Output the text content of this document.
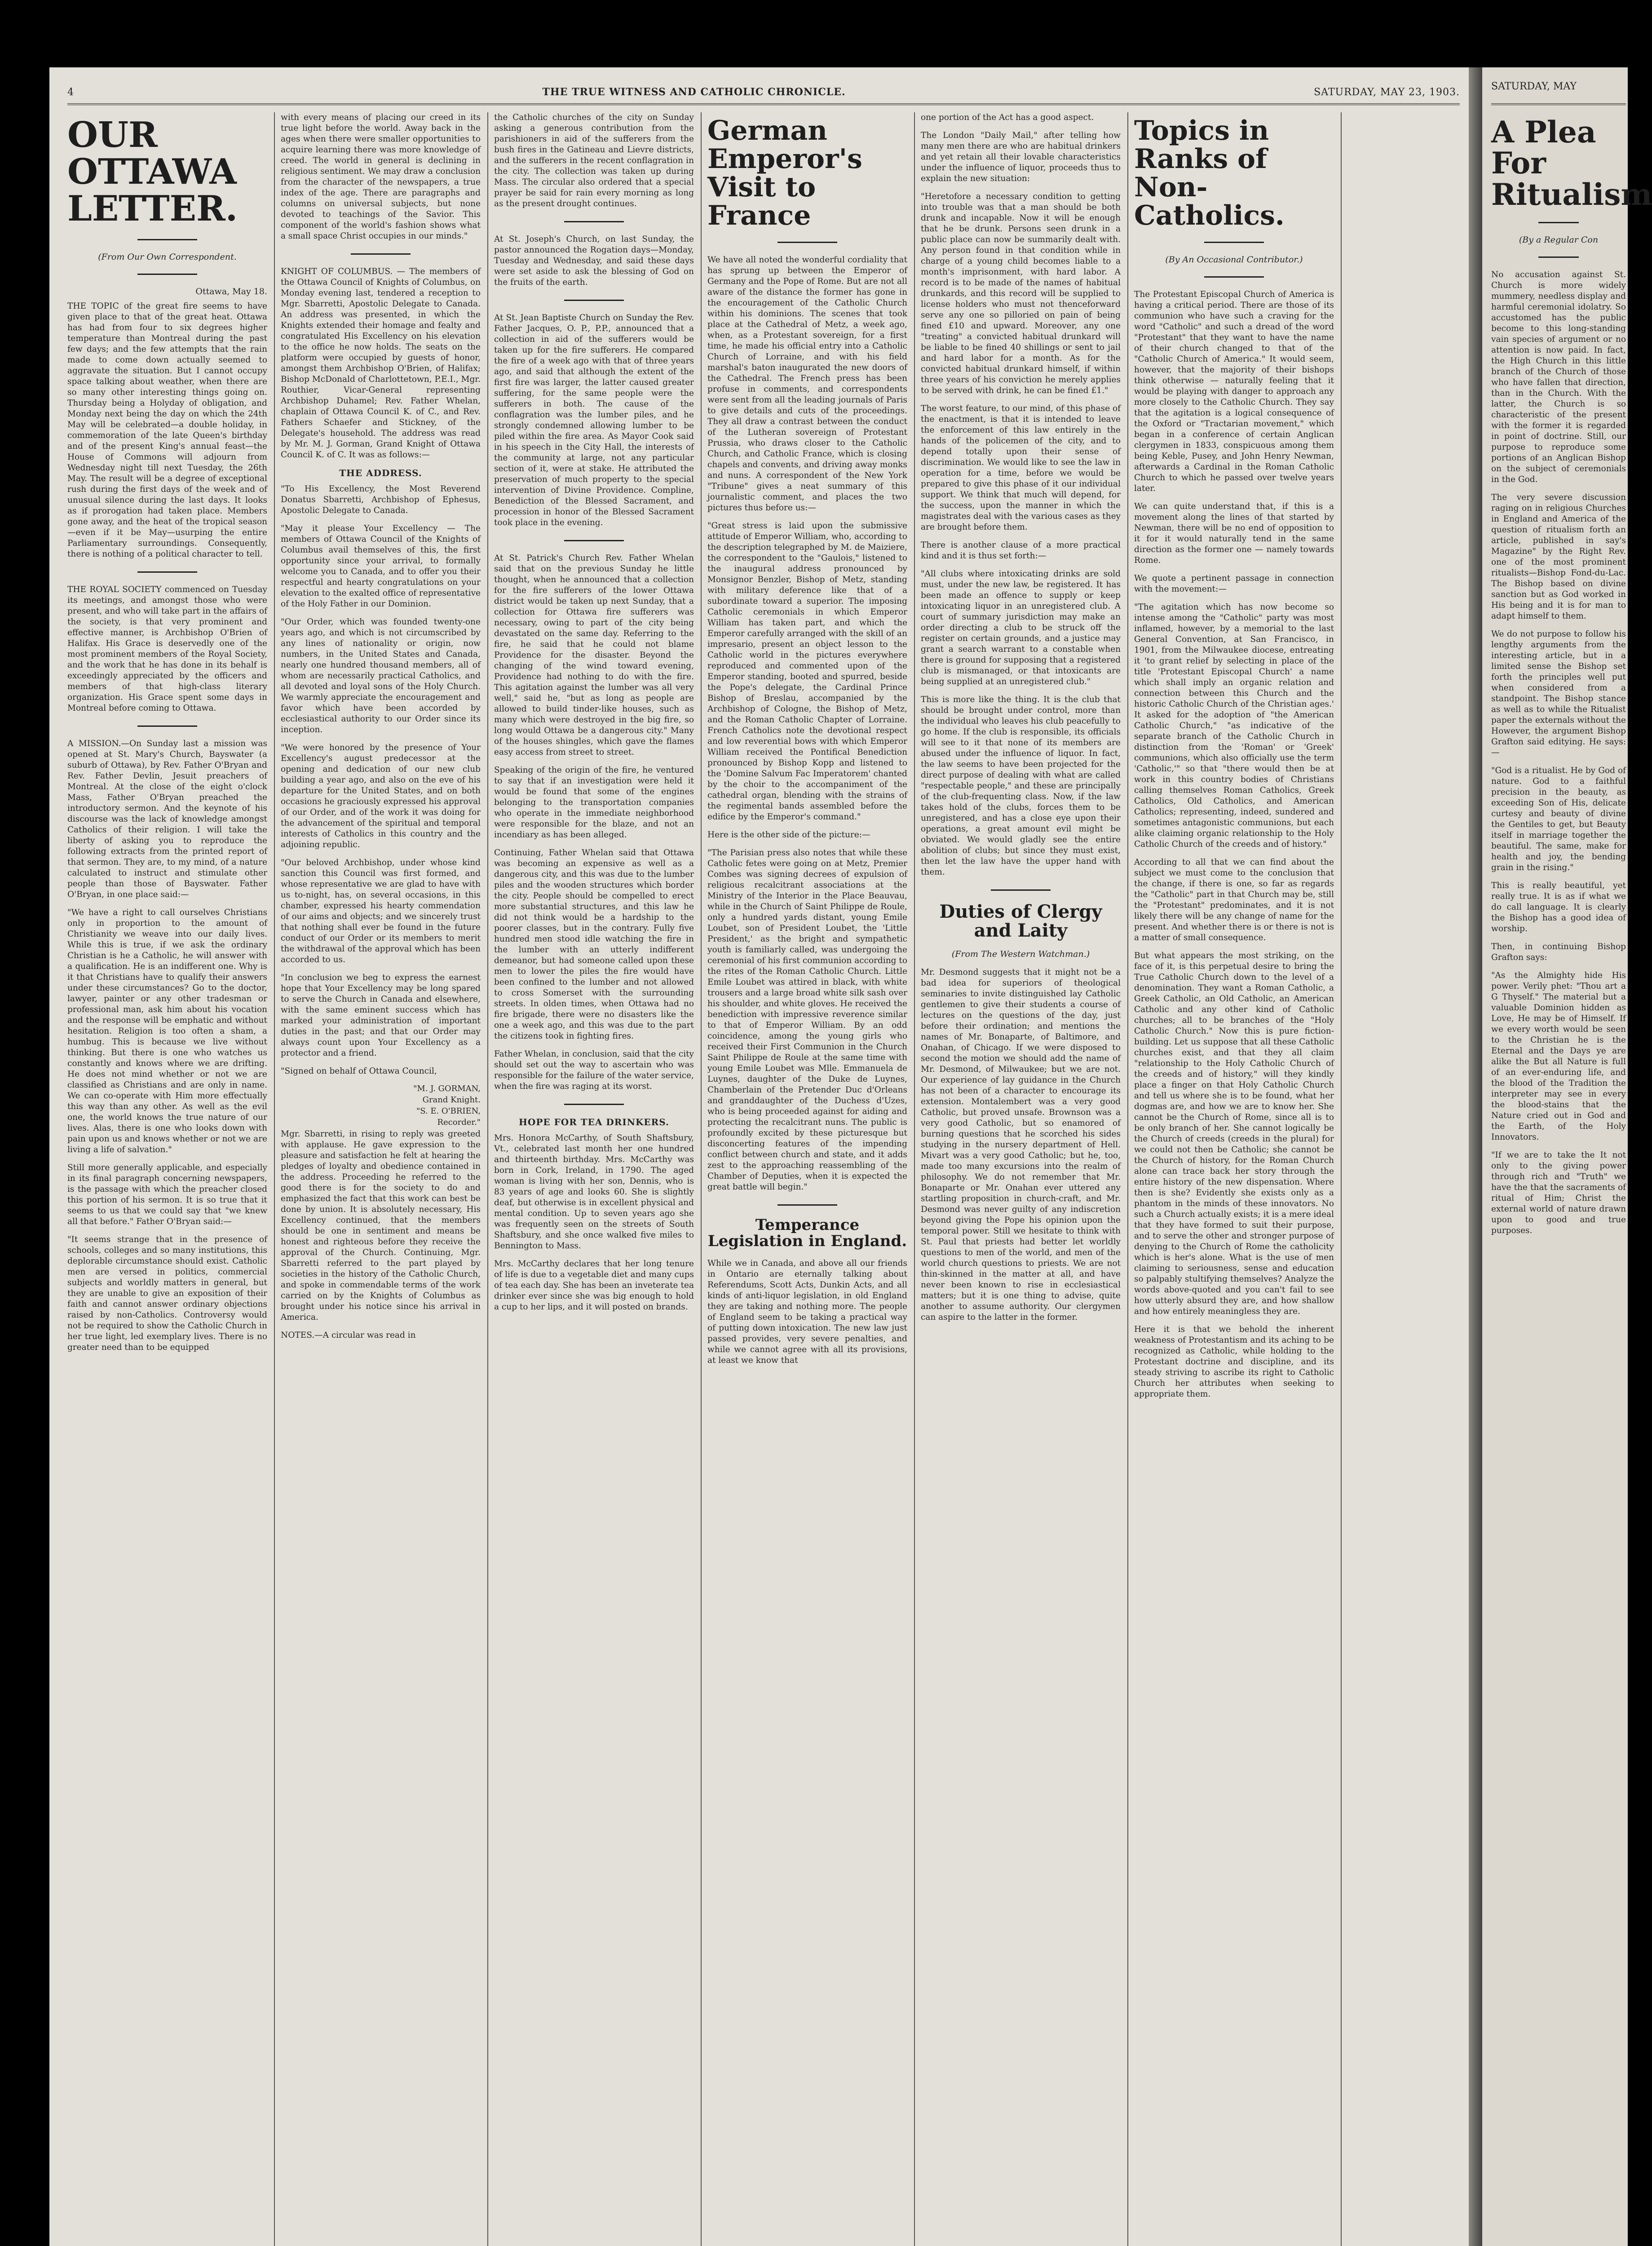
4	THE TRUE WITNESS AND CATHOLIC CHRONICLE.	SATURDAY, MAY 23, 1903.
OUR OTTAWA LETTER.
(From Our Own Correspondent.
Ottawa, May 18.

THE TOPIC of the great fire seems to have given place to that of the great heat. Ottawa has had from four to six degrees higher temperature than Montreal during the past few days; and the few attempts that the rain made to come down actually seemed to aggravate the situation. But I cannot occupy space talking about weather, when there are so many other interesting things going on. Thursday being a Holyday of obligation, and Monday next being the day on which the 24th May will be celebrated—a double holiday, in commemoration of the late Queen's birthday and of the present King's annual feast—the House of Commons will adjourn from Wednesday night till next Tuesday, the 26th May. The result will be a degree of exceptional rush during the first days of the week and of unusual silence during the last days. It looks as if prorogation had taken place. Members gone away, and the heat of the tropical season—even if it be May—usurping the entire Parliamentary surroundings. Consequently, there is nothing of a political character to tell.

THE ROYAL SOCIETY commenced on Tuesday its meetings, and amongst those who were present, and who will take part in the affairs of the society, is that very prominent and effective manner, is Archbishop O'Brien of Halifax. His Grace is deservedly one of the most prominent members of the Royal Society, and the work that he has done in its behalf is exceedingly appreciated by the officers and members of that high-class literary organization. His Grace spent some days in Montreal before coming to Ottawa.

A MISSION.—On Sunday last a mission was opened at St. Mary's Church, Bayswater (a suburb of Ottawa), by Rev. Father O'Bryan and Rev. Father Devlin, Jesuit preachers of Montreal. At the close of the eight o'clock Mass, Father O'Bryan preached the introductory sermon. And the keynote of his discourse was the lack of knowledge amongst Catholics of their religion. I will take the liberty of asking you to reproduce the following extracts from the printed report of that sermon. They are, to my mind, of a nature calculated to instruct and stimulate other people than those of Bayswater. Father O'Bryan, in one place said:—

"We have a right to call ourselves Christians only in proportion to the amount of Christianity we weave into our daily lives. While this is true, if we ask the ordinary Christian is he a Catholic, he will answer with a qualification. He is an indifferent one. Why is it that Christians have to qualify their answers under these circumstances? Go to the doctor, lawyer, painter or any other tradesman or professional man, ask him about his vocation and the response will be emphatic and without hesitation. Religion is too often a sham, a humbug. This is because we live without thinking. But there is one who watches us constantly and knows where we are drifting. He does not mind whether or not we are classified as Christians and are only in name. We can co-operate with Him more effectually this way than any other. As well as the evil one, the world knows the true nature of our lives. Alas, there is one who looks down with pain upon us and knows whether or not we are living a life of salvation."

Still more generally applicable, and especially in its final paragraph concerning newspapers, is the passage with which the preacher closed this portion of his sermon. It is so true that it seems to us that we could say that "we knew all that before." Father O'Bryan said:—

"It seems strange that in the presence of schools, colleges and so many institutions, this deplorable circumstance should exist. Catholic men are versed in politics, commercial subjects and worldly matters in general, but they are unable to give an exposition of their faith and cannot answer ordinary objections raised by non-Catholics. Controversy would not be required to show the Catholic Church in her true light, led exemplary lives. There is no greater need than to be equipped

with every means of placing our creed in its true light before the world. Away back in the ages when there were smaller opportunities to acquire learning there was more knowledge of creed. The world in general is declining in religious sentiment. We may draw a conclusion from the character of the newspapers, a true index of the age. There are paragraphs and columns on universal subjects, but none devoted to teachings of the Savior. This component of the world's fashion shows what a small space Christ occupies in our minds."

KNIGHT OF COLUMBUS. — The members of the Ottawa Council of Knights of Columbus, on Monday evening last, tendered a reception to Mgr. Sbarretti, Apostolic Delegate to Canada. An address was presented, in which the Knights extended their homage and fealty and congratulated His Excellency on his elevation to the office he now holds. The seats on the platform were occupied by guests of honor, amongst them Archbishop O'Brien, of Halifax; Bishop McDonald of Charlottetown, P.E.I., Mgr. Routhier, Vicar-General representing Archbishop Duhamel; Rev. Father Whelan, chaplain of Ottawa Council K. of C., and Rev. Fathers Schaefer and Stickney, of the Delegate's household. The address was read by Mr. M. J. Gorman, Grand Knight of Ottawa Council K. of C. It was as follows:—

THE ADDRESS.

"To His Excellency, the Most Reverend Donatus Sbarretti, Archbishop of Ephesus, Apostolic Delegate to Canada.

"May it please Your Excellency — The members of Ottawa Council of the Knights of Columbus avail themselves of this, the first opportunity since your arrival, to formally welcome you to Canada, and to offer you their respectful and hearty congratulations on your elevation to the exalted office of representative of the Holy Father in our Dominion.

"Our Order, which was founded twenty-one years ago, and which is not circumscribed by any lines of nationality or origin, now numbers, in the United States and Canada, nearly one hundred thousand members, all of whom are necessarily practical Catholics, and all devoted and loyal sons of the Holy Church. We warmly appreciate the encouragement and favor which have been accorded by ecclesiastical authority to our Order since its inception.

"We were honored by the presence of Your Excellency's august predecessor at the opening and dedication of our new club building a year ago, and also on the eve of his departure for the United States, and on both occasions he graciously expressed his approval of our Order, and of the work it was doing for the advancement of the spiritual and temporal interests of Catholics in this country and the adjoining republic.

"Our beloved Archbishop, under whose kind sanction this Council was first formed, and whose representative we are glad to have with us to-night, has, on several occasions, in this chamber, expressed his hearty commendation of our aims and objects; and we sincerely trust that nothing shall ever be found in the future conduct of our Order or its members to merit the withdrawal of the approval which has been accorded to us.

"In conclusion we beg to express the earnest hope that Your Excellency may be long spared to serve the Church in Canada and elsewhere, with the same eminent success which has marked your administration of important duties in the past; and that our Order may always count upon Your Excellency as a protector and a friend.

"Signed on behalf of Ottawa Council,

"M. J. GORMAN,
Grand Knight.
"S. E. O'BRIEN,
Recorder."

Mgr. Sbarretti, in rising to reply was greeted with applause. He gave expression to the pleasure and satisfaction he felt at hearing the pledges of loyalty and obedience contained in the address. Proceeding he referred to the good there is for the society to do and emphasized the fact that this work can best be done by union. It is absolutely necessary, His Excellency continued, that the members should be one in sentiment and means be honest and righteous before they receive the approval of the Church. Continuing, Mgr. Sbarretti referred to the part played by societies in the history of the Catholic Church, and spoke in commendable terms of the work carried on by the Knights of Columbus as brought under his notice since his arrival in America.

NOTES.—A circular was read in

the Catholic churches of the city on Sunday asking a generous contribution from the parishioners in aid of the sufferers from the bush fires in the Gatineau and Lievre districts, and the sufferers in the recent conflagration in the city. The collection was taken up during Mass. The circular also ordered that a special prayer be said for rain every morning as long as the present drought continues.

At St. Joseph's Church, on last Sunday, the pastor announced the Rogation days—Monday, Tuesday and Wednesday, and said these days were set aside to ask the blessing of God on the fruits of the earth.

At St. Jean Baptiste Church on Sunday the Rev. Father Jacques, O. P., P.P., announced that a collection in aid of the sufferers would be taken up for the fire sufferers. He compared the fire of a week ago with that of three years ago, and said that although the extent of the first fire was larger, the latter caused greater suffering, for the same people were the sufferers in both. The cause of the conflagration was the lumber piles, and he strongly condemned allowing lumber to be piled within the fire area. As Mayor Cook said in his speech in the City Hall, the interests of the community at large, not any particular section of it, were at stake. He attributed the preservation of much property to the special intervention of Divine Providence. Compline, Benediction of the Blessed Sacrament, and procession in honor of the Blessed Sacrament took place in the evening.

At St. Patrick's Church Rev. Father Whelan said that on the previous Sunday he little thought, when he announced that a collection for the fire sufferers of the lower Ottawa district would be taken up next Sunday, that a collection for Ottawa fire sufferers was necessary, owing to part of the city being devastated on the same day. Referring to the fire, he said that he could not blame Providence for the disaster. Beyond the changing of the wind toward evening, Providence had nothing to do with the fire. This agitation against the lumber was all very well," said he, "but as long as people are allowed to build tinder-like houses, such as many which were destroyed in the big fire, so long would Ottawa be a dangerous city." Many of the houses shingles, which gave the flames easy access from street to street.

Speaking of the origin of the fire, he ventured to say that if an investigation were held it would be found that some of the engines belonging to the transportation companies who operate in the immediate neighborhood were responsible for the blaze, and not an incendiary as has been alleged.

Continuing, Father Whelan said that Ottawa was becoming an expensive as well as a dangerous city, and this was due to the lumber piles and the wooden structures which border the city. People should be compelled to erect more substantial structures, and this law he did not think would be a hardship to the poorer classes, but in the contrary. Fully five hundred men stood idle watching the fire in the lumber with an utterly indifferent demeanor, but had someone called upon these men to lower the piles the fire would have been confined to the lumber and not allowed to cross Somerset with the surrounding streets. In olden times, when Ottawa had no fire brigade, there were no disasters like the one a week ago, and this was due to the part the citizens took in fighting fires.

Father Whelan, in conclusion, said that the city should set out the way to ascertain who was responsible for the failure of the water service, when the fire was raging at its worst.

HOPE FOR TEA DRINKERS.

Mrs. Honora McCarthy, of South Shaftsbury, Vt., celebrated last month her one hundred and thirteenth birthday. Mrs. McCarthy was born in Cork, Ireland, in 1790. The aged woman is living with her son, Dennis, who is 83 years of age and looks 60. She is slightly deaf, but otherwise is in excellent physical and mental condition. Up to seven years ago she was frequently seen on the streets of South Shaftsbury, and she once walked five miles to Bennington to Mass.

Mrs. McCarthy declares that her long tenure of life is due to a vegetable diet and many cups of tea each day. She has been an inveterate tea drinker ever since she was big enough to hold a cup to her lips, and it will posted on brands.

German Emperor's Visit to France

We have all noted the wonderful cordiality that has sprung up between the Emperor of Germany and the Pope of Rome. But are not all aware of the distance the former has gone in the encouragement of the Catholic Church within his dominions. The scenes that took place at the Cathedral of Metz, a week ago, when, as a Protestant sovereign, for a first time, he made his official entry into a Catholic Church of Lorraine, and with his field marshal's baton inaugurated the new doors of the Cathedral. The French press has been profuse in comments, and correspondents were sent from all the leading journals of Paris to give details and cuts of the proceedings. They all draw a contrast between the conduct of the Lutheran sovereign of Protestant Prussia, who draws closer to the Catholic Church, and Catholic France, which is closing chapels and convents, and driving away monks and nuns. A correspondent of the New York "Tribune" gives a neat summary of this journalistic comment, and places the two pictures thus before us:—

"Great stress is laid upon the submissive attitude of Emperor William, who, according to the description telegraphed by M. de Maiziere, the correspondent to the "Gaulois," listened to the inaugural address pronounced by Monsignor Benzler, Bishop of Metz, standing with military deference like that of a subordinate toward a superior. The imposing Catholic ceremonials in which Emperor William has taken part, and which the Emperor carefully arranged with the skill of an impresario, present an object lesson to the Catholic world in the pictures everywhere reproduced and commented upon of the Emperor standing, booted and spurred, beside the Pope's delegate, the Cardinal Prince Bishop of Breslau, accompanied by the Archbishop of Cologne, the Bishop of Metz, and the Roman Catholic Chapter of Lorraine. French Catholics note the devotional respect and low reverential bows with which Emperor William received the Pontifical Benediction pronounced by Bishop Kopp and listened to the 'Domine Salvum Fac Imperatorem' chanted by the choir to the accompaniment of the cathedral organ, blending with the strains of the regimental bands assembled before the edifice by the Emperor's command."

Here is the other side of the picture:—

"The Parisian press also notes that while these Catholic fetes were going on at Metz, Premier Combes was signing decrees of expulsion of religious recalcitrant associations at the Ministry of the Interior in the Place Beauvau, while in the Church of Saint Philippe de Roule, only a hundred yards distant, young Emile Loubet, son of President Loubet, the 'Little President,' as the bright and sympathetic youth is familiarly called, was undergoing the ceremonial of his first communion according to the rites of the Roman Catholic Church. Little Emile Loubet was attired in black, with white trousers and a large broad white silk sash over his shoulder, and white gloves. He received the benediction with impressive reverence similar to that of Emperor William. By an odd coincidence, among the young girls who received their First Communion in the Church Saint Philippe de Roule at the same time with young Emile Loubet was Mlle. Emmanuela de Luynes, daughter of the Duke de Luynes, Chamberlain of the Pretender Duc d'Orleans and granddaughter of the Duchess d'Uzes, who is being proceeded against for aiding and protecting the recalcitrant nuns. The public is profoundly excited by these picturesque but disconcerting features of the impending conflict between church and state, and it adds zest to the approaching reassembling of the Chamber of Deputies, when it is expected the great battle will begin."

Temperance Legislation in England.

While we in Canada, and above all our friends in Ontario are eternally talking about Referendums, Scott Acts, Dunkin Acts, and all kinds of anti-liquor legislation, in old England they are taking and nothing more. The people of England seem to be taking a practical way of putting down intoxication. The new law just passed provides, very severe penalties, and while we cannot agree with all its provisions, at least we know that

one portion of the Act has a good aspect.

The London "Daily Mail," after telling how many men there are who are habitual drinkers and yet retain all their lovable characteristics under the influence of liquor, proceeds thus to explain the new situation:

"Heretofore a necessary condition to getting into trouble was that a man should be both drunk and incapable. Now it will be enough that he be drunk. Persons seen drunk in a public place can now be summarily dealt with. Any person found in that condition while in charge of a young child becomes liable to a month's imprisonment, with hard labor. A record is to be made of the names of habitual drunkards, and this record will be supplied to license holders who must not thenceforward serve any one so pilloried on pain of being fined £10 and upward. Moreover, any one "treating" a convicted habitual drunkard will be liable to be fined 40 shillings or sent to jail and hard labor for a month. As for the convicted habitual drunkard himself, if within three years of his conviction he merely applies to be served with drink, he can be fined £1."

The worst feature, to our mind, of this phase of the enactment, is that it is intended to leave the enforcement of this law entirely in the hands of the policemen of the city, and to depend totally upon their sense of discrimination. We would like to see the law in operation for a time, before we would be prepared to give this phase of it our individual support. We think that much will depend, for the success, upon the manner in which the magistrates deal with the various cases as they are brought before them.

There is another clause of a more practical kind and it is thus set forth:—

"All clubs where intoxicating drinks are sold must, under the new law, be registered. It has been made an offence to supply or keep intoxicating liquor in an unregistered club. A court of summary jurisdiction may make an order directing a club to be struck off the register on certain grounds, and a justice may grant a search warrant to a constable when there is ground for supposing that a registered club is mismanaged, or that intoxicants are being supplied at an unregistered club."

This is more like the thing. It is the club that should be brought under control, more than the individual who leaves his club peacefully to go home. If the club is responsible, its officials will see to it that none of its members are abused under the influence of liquor. In fact, the law seems to have been projected for the direct purpose of dealing with what are called "respectable people," and these are principally of the club-frequenting class. Now, if the law takes hold of the clubs, forces them to be unregistered, and has a close eye upon their operations, a great amount evil might be obviated. We would gladly see the entire abolition of clubs; but since they must exist, then let the law have the upper hand with them.

Duties of Clergy and Laity
(From The Western Watchman.)

Mr. Desmond suggests that it might not be a bad idea for superiors of theological seminaries to invite distinguished lay Catholic gentlemen to give their students a course of lectures on the questions of the day, just before their ordination; and mentions the names of Mr. Bonaparte, of Baltimore, and Onahan, of Chicago. If we were disposed to second the motion we should add the name of Mr. Desmond, of Milwaukee; but we are not. Our experience of lay guidance in the Church has not been of a character to encourage its extension. Montalembert was a very good Catholic, but proved unsafe. Brownson was a very good Catholic, but so enamored of burning questions that he scorched his sides studying in the nursery department of Hell. Mivart was a very good Catholic; but he, too, made too many excursions into the realm of philosophy. We do not remember that Mr. Bonaparte or Mr. Onahan ever uttered any startling proposition in church-craft, and Mr. Desmond was never guilty of any indiscretion beyond giving the Pope his opinion upon the temporal power. Still we hesitate to think with St. Paul that priests had better let worldly questions to men of the world, and men of the world church questions to priests. We are not thin-skinned in the matter at all, and have never been known to rise in ecclesiastical matters; but it is one thing to advise, quite another to assume authority. Our clergymen can aspire to the latter in the former.

Topics in Ranks of Non-Catholics.
(By An Occasional Contributor.)

The Protestant Episcopal Church of America is having a critical period. There are those of its communion who have such a craving for the word "Catholic" and such a dread of the word "Protestant" that they want to have the name of their church changed to that of the "Catholic Church of America." It would seem, however, that the majority of their bishops think otherwise — naturally feeling that it would be playing with danger to approach any more closely to the Catholic Church. They say that the agitation is a logical consequence of the Oxford or "Tractarian movement," which began in a conference of certain Anglican clergymen in 1833, conspicuous among them being Keble, Pusey, and John Henry Newman, afterwards a Cardinal in the Roman Catholic Church to which he passed over twelve years later.

We can quite understand that, if this is a movement along the lines of that started by Newman, there will be no end of opposition to it for it would naturally tend in the same direction as the former one — namely towards Rome.

We quote a pertinent passage in connection with the movement:—

"The agitation which has now become so intense among the "Catholic" party was most inflamed, however, by a memorial to the last General Convention, at San Francisco, in 1901, from the Milwaukee diocese, entreating it 'to grant relief by selecting in place of the title 'Protestant Episcopal Church' a name which shall imply an organic relation and connection between this Church and the historic Catholic Church of the Christian ages.' It asked for the adoption of "the American Catholic Church," "as indicative of the separate branch of the Catholic Church in distinction from the 'Roman' or 'Greek' communions, which also officially use the term 'Catholic,'" so that "there would then be at work in this country bodies of Christians calling themselves Roman Catholics, Greek Catholics, Old Catholics, and American Catholics; representing, indeed, sundered and sometimes antagonistic communions, but each alike claiming organic relationship to the Holy Catholic Church of the creeds and of history."

According to all that we can find about the subject we must come to the conclusion that the change, if there is one, so far as regards the "Catholic" part in that Church may be, still the "Protestant" predominates, and it is not likely there will be any change of name for the present. And whether there is or there is not is a matter of small consequence.

But what appears the most striking, on the face of it, is this perpetual desire to bring the True Catholic Church down to the level of a denomination. They want a Roman Catholic, a Greek Catholic, an Old Catholic, an American Catholic and any other kind of Catholic churches; all to be branches of the "Holy Catholic Church." Now this is pure fiction-building. Let us suppose that all these Catholic churches exist, and that they all claim "relationship to the Holy Catholic Church of the creeds and of history," will they kindly place a finger on that Holy Catholic Church and tell us where she is to be found, what her dogmas are, and how we are to know her. She cannot be the Church of Rome, since all is to be only branch of her. She cannot logically be the Church of creeds (creeds in the plural) for we could not then be Catholic; she cannot be the Church of history, for the Roman Church alone can trace back her story through the entire history of the new dispensation. Where then is she? Evidently she exists only as a phantom in the minds of these innovators. No such a Church actually exists; it is a mere ideal that they have formed to suit their purpose, and to serve the other and stronger purpose of denying to the Church of Rome the catholicity which is her's alone. What is the use of men claiming to seriousness, sense and education so palpably stultifying themselves? Analyze the words above-quoted and you can't fail to see how utterly absurd they are, and how shallow and how entirely meaningless they are.

Here it is that we behold the inherent weakness of Protestantism and its aching to be recognized as Catholic, while holding to the Protestant doctrine and discipline, and its steady striving to ascribe its right to Catholic Church her attributes when seeking to appropriate them.

SATURDAY, MAY
A Plea For Ritualism
(By a Regular Con

No accusation against St. Church is more widely mummery, needless display and harmful ceremonial idolatry. So accustomed has the public become to this long-standing vain species of argument or no attention is now paid. In fact, the High Church in this little branch of the Church of those who have fallen that direction, than in the Church. With the latter, the Church is so characteristic of the present with the former it is regarded in point of doctrine. Still, our purpose to reproduce some portions of an Anglican Bishop on the subject of ceremonials in the God.

The very severe discussion raging on in religious Churches in England and America of the question of ritualism forth an article, published in say's Magazine" by the Right Rev. one of the most prominent ritualists—Bishop Fond-du-Lac. The Bishop based on divine sanction but as God worked in His being and it is for man to adapt himself to them.

We do not purpose to follow his lengthy arguments from the interesting article, but in a limited sense the Bishop set forth the principles well put when considered from a standpoint. The Bishop stance as well as to while the Ritualist paper the externals without the However, the argument Bishop Grafton said editying. He says:—

"God is a ritualist. He by God of nature. God to a faithful precision in the beauty, as exceeding Son of His, delicate curtesy and beauty of divine the Gentiles to get, but Beauty itself in marriage together the beautiful. The same, make for health and joy, the bending grain in the rising."

This is really beautiful, yet really true. It is as if what we do call language. It is clearly the Bishop has a good idea of worship.

Then, in continuing Bishop Grafton says:

"As the Almighty hide His power. Verily phet: "Thou art a G Thyself." The material but a valuable Dominion hidden as Love, He may be of Himself. If we every worth would be seen to the Christian he is the Eternal and the Days ye are alike the But all Nature is full of an ever-enduring life, and the blood of the Tradition the interpreter may see in every the blood-stains that the Nature cried out in God and the Earth, of the Holy Innovators.

"If we are to take the It not only to the giving power through rich and "Truth" we have the that the sacraments of ritual of Him; Christ the external world of nature drawn upon to good and true purposes.
